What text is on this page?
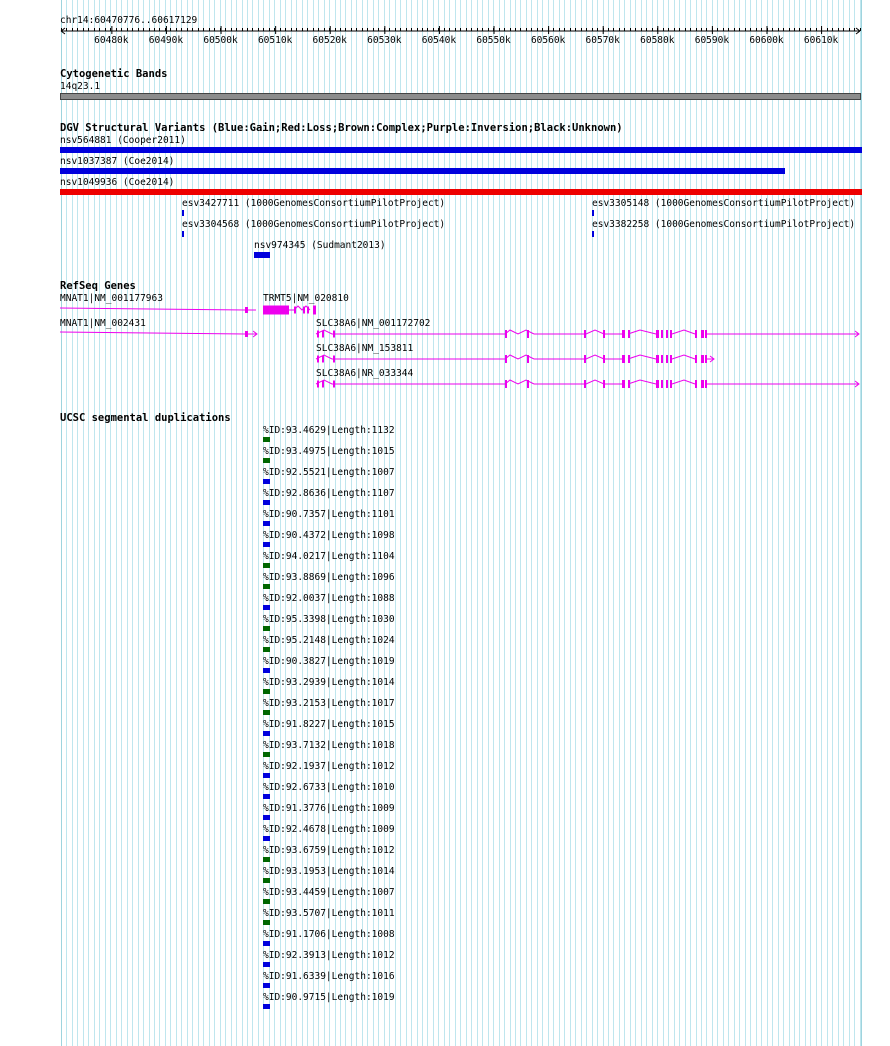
chr14:60470776..60617129
60480k 60490k 60500k 60510k 60520k 60530k 60540k 60550k 60560k 60570k 60580k 60590k 60600k 60610k
Cytogenetic Bands
14q23.1
DGV Structural Variants (Blue:Gain;Red:Loss;Brown:Complex;Purple:Inversion;Black:Unknown)
nsv564881 (Cooper2011)
nsv1037387 (Coe2014)
nsv1049936 (Coe2014)
esv3427711 (1000GenomesConsortiumPilotProject)	esv3305148 (1000GenomesConsortiumPilotProject)
esv3304568 (1000GenomesConsortiumPilotProject)	esv3382258 (1000GenomesConsortiumPilotProject)
nsv974345 (Sudmant2013)
RefSeq Genes
MNAT1|NM_001177963	TRMT5|NM_020810
MNAT1|NM_002431	SLC38A6|NM_001172702
SLC38A6|NM_153811
SLC38A6|NR_033344
UCSC segmental duplications
%ID:93.4629|Length:1132
%ID:93.4975|Length:1015
%ID:92.5521|Length:1007
%ID:92.8636|Length:1107
%ID:90.7357|Length:1101
%ID:90.4372|Length:1098
%ID:94.0217|Length:1104
%ID:93.8869|Length:1096
%ID:92.0037|Length:1088
%ID:95.3398|Length:1030
%ID:95.2148|Length:1024
%ID:90.3827|Length:1019
%ID:93.2939|Length:1014
%ID:93.2153|Length:1017
%ID:91.8227|Length:1015
%ID:93.7132|Length:1018
%ID:92.1937|Length:1012
%ID:92.6733|Length:1010
%ID:91.3776|Length:1009
%ID:92.4678|Length:1009
%ID:93.6759|Length:1012
%ID:93.1953|Length:1014
%ID:93.4459|Length:1007
%ID:93.5707|Length:1011
%ID:91.1706|Length:1008
%ID:92.3913|Length:1012
%ID:91.6339|Length:1016
%ID:90.9715|Length:1019
